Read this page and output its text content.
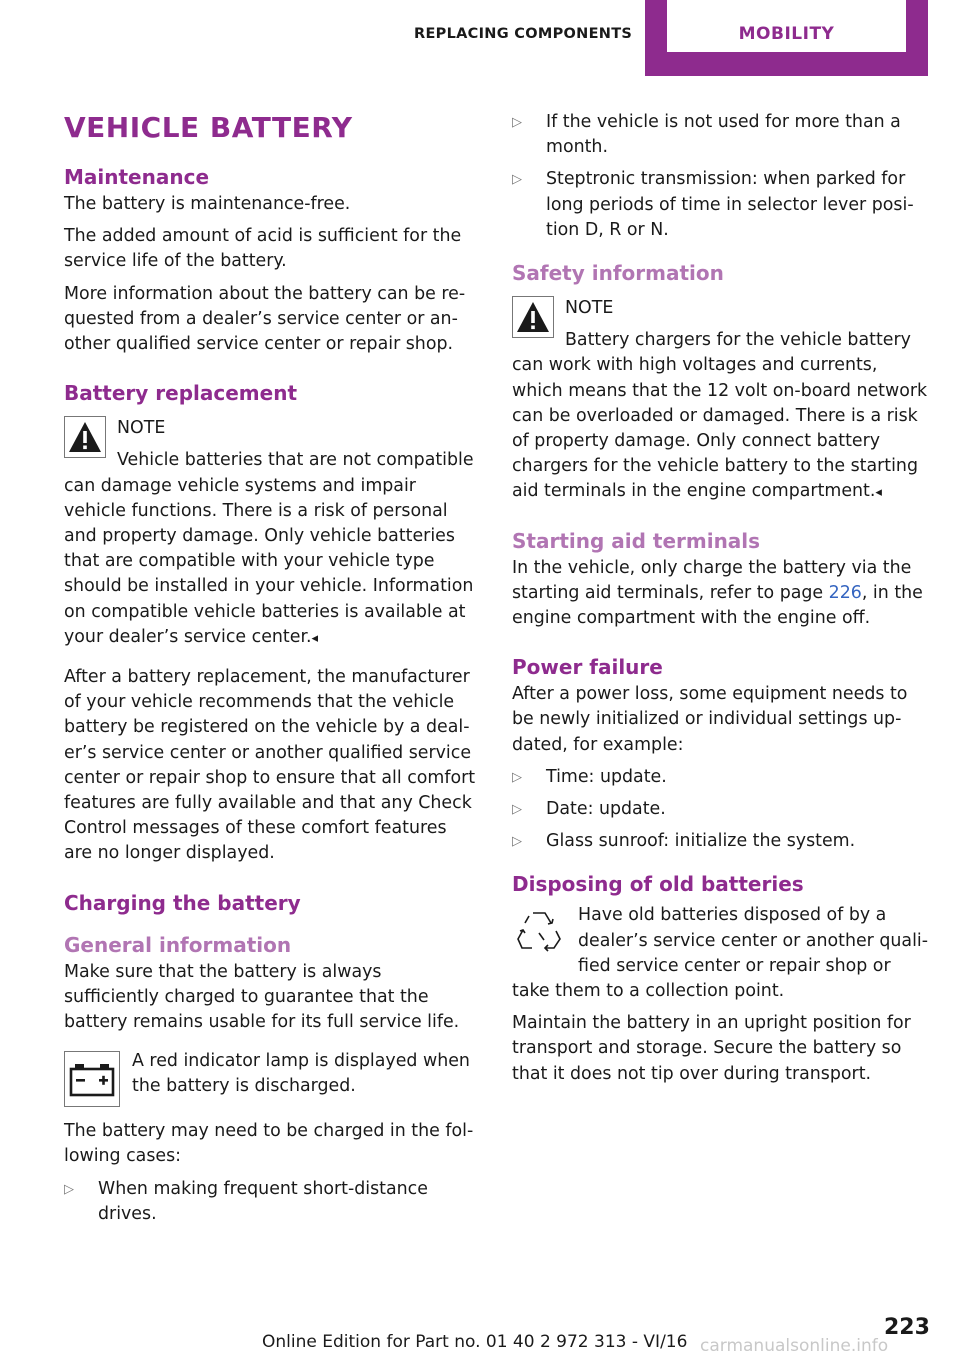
REPLACING COMPONENTS	MOBILITY
VEHICLE BATTERY
Maintenance

The battery is maintenance-free.

The added amount of acid is sufficient for the service life of the battery.

More information about the battery can be requested from a dealer’s service center or another qualified service center or repair shop.

Battery replacement
NOTE

Vehicle batteries that are not compatible can damage vehicle systems and impair vehicle functions. There is a risk of personal and property damage. Only vehicle batteries that are compatible with your vehicle type should be installed in your vehicle. Information on compatible vehicle batteries is available at your dealer’s service center.◂

After a battery replacement, the manufacturer of your vehicle recommends that the vehicle battery be registered on the vehicle by a dealer’s service center or another qualified service center or repair shop to ensure that all comfort features are fully available and that any Check Control messages of these comfort features are no longer displayed.

Charging the battery
General information

Make sure that the battery is always sufficiently charged to guarantee that the battery remains usable for its full service life.

A red indicator lamp is displayed when the battery is discharged.

The battery may need to be charged in the following cases:

▷ When making frequent short-distance drives.
▷ If the vehicle is not used for more than a month.
▷ Steptronic transmission: when parked for long periods of time in selector lever position D, R or N.
Safety information
NOTE

Battery chargers for the vehicle battery can work with high voltages and currents, which means that the 12 volt on-board network can be overloaded or damaged. There is a risk of property damage. Only connect battery chargers for the vehicle battery to the starting aid terminals in the engine compartment.◂

Starting aid terminals

In the vehicle, only charge the battery via the starting aid terminals, refer to page 226, in the engine compartment with the engine off.

Power failure

After a power loss, some equipment needs to be newly initialized or individual settings updated, for example:

▷ Time: update.
▷ Date: update.
▷ Glass sunroof: initialize the system.
Disposing of old batteries

Have old batteries disposed of by a dealer’s service center or another qualified service center or repair shop or take them to a collection point.

Maintain the battery in an upright position for transport and storage. Secure the battery so that it does not tip over during transport.

223
Online Edition for Part no. 01 40 2 972 313 - VI/16 carmanualsonline.info
